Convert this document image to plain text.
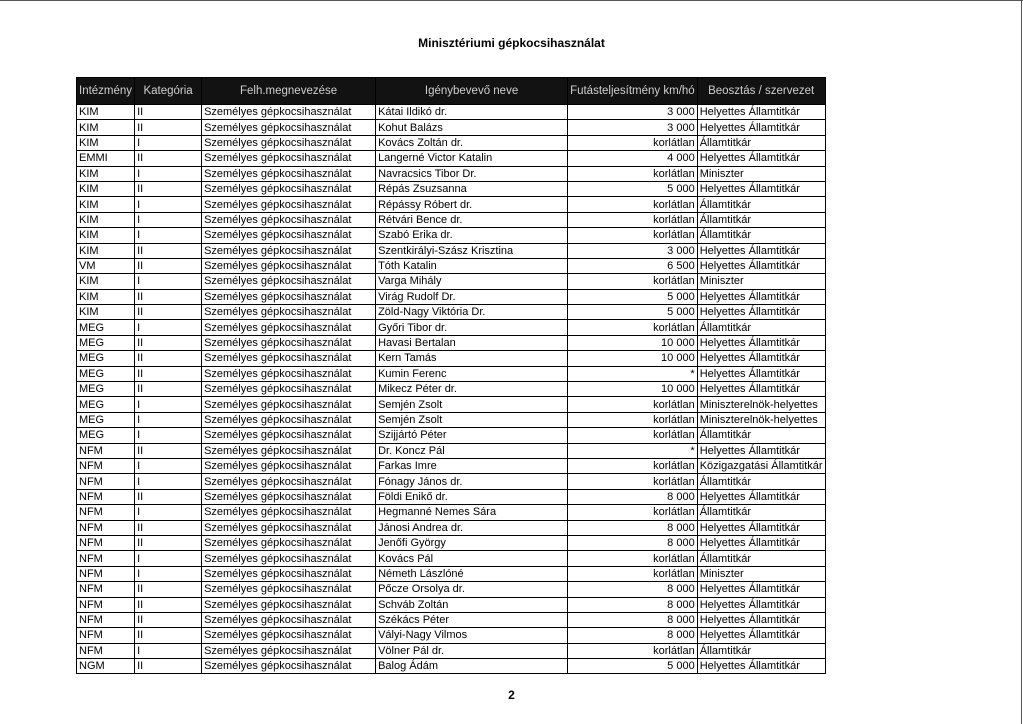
Minisztériumi gépkocsihasználat
Intézmény	Kategória	Felh.megnevezése	Igénybevevő neve	Futásteljesítmény km/hó	Beosztás / szervezet
KIM	II	Személyes gépkocsihasználat	Kátai Ildikó dr.	3 000	Helyettes Államtitkár
KIM	II	Személyes gépkocsihasználat	Kohut Balázs	3 000	Helyettes Államtitkár
KIM	I	Személyes gépkocsihasználat	Kovács Zoltán dr.	korlátlan	Államtitkár
EMMI	II	Személyes gépkocsihasználat	Langerné Victor Katalin	4 000	Helyettes Államtitkár
KIM	I	Személyes gépkocsihasználat	Navracsics Tibor Dr.	korlátlan	Miniszter
KIM	II	Személyes gépkocsihasználat	Répás Zsuzsanna	5 000	Helyettes Államtitkár
KIM	I	Személyes gépkocsihasználat	Répássy Róbert dr.	korlátlan	Államtitkár
KIM	I	Személyes gépkocsihasználat	Rétvári Bence dr.	korlátlan	Államtitkár
KIM	I	Személyes gépkocsihasználat	Szabó Erika dr.	korlátlan	Államtitkár
KIM	II	Személyes gépkocsihasználat	Szentkirályi-Szász Krisztina	3 000	Helyettes Államtitkár
VM	II	Személyes gépkocsihasználat	Tóth Katalin	6 500	Helyettes Államtitkár
KIM	I	Személyes gépkocsihasználat	Varga Mihály	korlátlan	Miniszter
KIM	II	Személyes gépkocsihasználat	Virág Rudolf Dr.	5 000	Helyettes Államtitkár
KIM	II	Személyes gépkocsihasználat	Zöld-Nagy Viktória Dr.	5 000	Helyettes Államtitkár
MEG	I	Személyes gépkocsihasználat	Győri Tibor dr.	korlátlan	Államtitkár
MEG	II	Személyes gépkocsihasználat	Havasi Bertalan	10 000	Helyettes Államtitkár
MEG	II	Személyes gépkocsihasználat	Kern Tamás	10 000	Helyettes Államtitkár
MEG	II	Személyes gépkocsihasználat	Kumin Ferenc	*	Helyettes Államtitkár
MEG	II	Személyes gépkocsihasználat	Mikecz Péter dr.	10 000	Helyettes Államtitkár
MEG	I	Személyes gépkocsihasználat	Semjén Zsolt	korlátlan	Miniszterelnök-helyettes
MEG	I	Személyes gépkocsihasználat	Semjén Zsolt	korlátlan	Miniszterelnök-helyettes
MEG	I	Személyes gépkocsihasználat	Szijjártó Péter	korlátlan	Államtitkár
NFM	II	Személyes gépkocsihasználat	Dr. Koncz Pál	*	Helyettes Államtitkár
NFM	I	Személyes gépkocsihasználat	Farkas Imre	korlátlan	Közigazgatási Államtitkár
NFM	I	Személyes gépkocsihasználat	Fónagy János dr.	korlátlan	Államtitkár
NFM	II	Személyes gépkocsihasználat	Földi Enikő dr.	8 000	Helyettes Államtitkár
NFM	I	Személyes gépkocsihasználat	Hegmanné Nemes Sára	korlátlan	Államtitkár
NFM	II	Személyes gépkocsihasználat	Jánosi Andrea dr.	8 000	Helyettes Államtitkár
NFM	II	Személyes gépkocsihasználat	Jenőfi György	8 000	Helyettes Államtitkár
NFM	I	Személyes gépkocsihasználat	Kovács Pál	korlátlan	Államtitkár
NFM	I	Személyes gépkocsihasználat	Németh Lászlóné	korlátlan	Miniszter
NFM	II	Személyes gépkocsihasználat	Pőcze Orsolya dr.	8 000	Helyettes Államtitkár
NFM	II	Személyes gépkocsihasználat	Schváb Zoltán	8 000	Helyettes Államtitkár
NFM	II	Személyes gépkocsihasználat	Székács Péter	8 000	Helyettes Államtitkár
NFM	II	Személyes gépkocsihasználat	Vályi-Nagy Vilmos	8 000	Helyettes Államtitkár
NFM	I	Személyes gépkocsihasználat	Völner Pál dr.	korlátlan	Államtitkár
NGM	II	Személyes gépkocsihasználat	Balog Ádám	5 000	Helyettes Államtitkár
2
